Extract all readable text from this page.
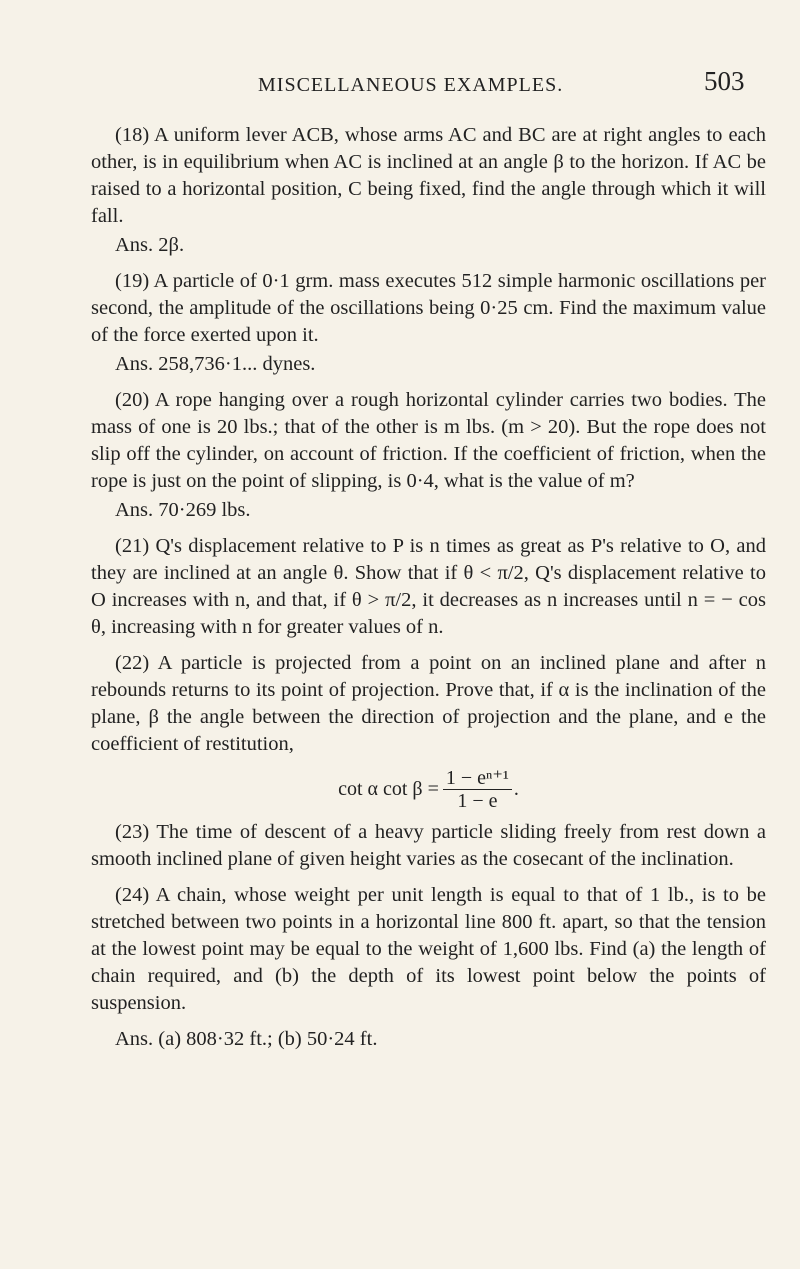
MISCELLANEOUS EXAMPLES.	503

(18) A uniform lever ACB, whose arms AC and BC are at right angles to each other, is in equilibrium when AC is inclined at an angle β to the horizon. If AC be raised to a horizontal position, C being fixed, find the angle through which it will fall.

Ans. 2β.

(19) A particle of 0·1 grm. mass executes 512 simple harmonic oscillations per second, the amplitude of the oscillations being 0·25 cm. Find the maximum value of the force exerted upon it.

Ans. 258,736·1... dynes.

(20) A rope hanging over a rough horizontal cylinder carries two bodies. The mass of one is 20 lbs.; that of the other is m lbs. (m > 20). But the rope does not slip off the cylinder, on account of friction. If the coefficient of friction, when the rope is just on the point of slipping, is 0·4, what is the value of m?

Ans. 70·269 lbs.

(21) Q's displacement relative to P is n times as great as P's relative to O, and they are inclined at an angle θ. Show that if θ < π/2, Q's displacement relative to O increases with n, and that, if θ > π/2, it decreases as n increases until n = − cos θ, increasing with n for greater values of n.

(22) A particle is projected from a point on an inclined plane and after n rebounds returns to its point of projection. Prove that, if α is the inclination of the plane, β the angle between the direction of projection and the plane, and e the coefficient of restitution,

cot α $\cot \beta = \frac{\text{1 − eⁿ⁺¹}}{1 - e}$ .

(23) The time of descent of a heavy particle sliding freely from rest down a smooth inclined plane of given height varies as the cosecant of the inclination.

(24) A chain, whose weight per unit length is equal to that of 1 lb., is to be stretched between two points in a horizontal line 800 ft. apart, so that the tension at the lowest point may be equal to the weight of 1,600 lbs. Find (a) the length of chain required, and (b) the depth of its lowest point below the points of suspension.

Ans. (a) 808·32 ft.; (b) 50·24 ft.
